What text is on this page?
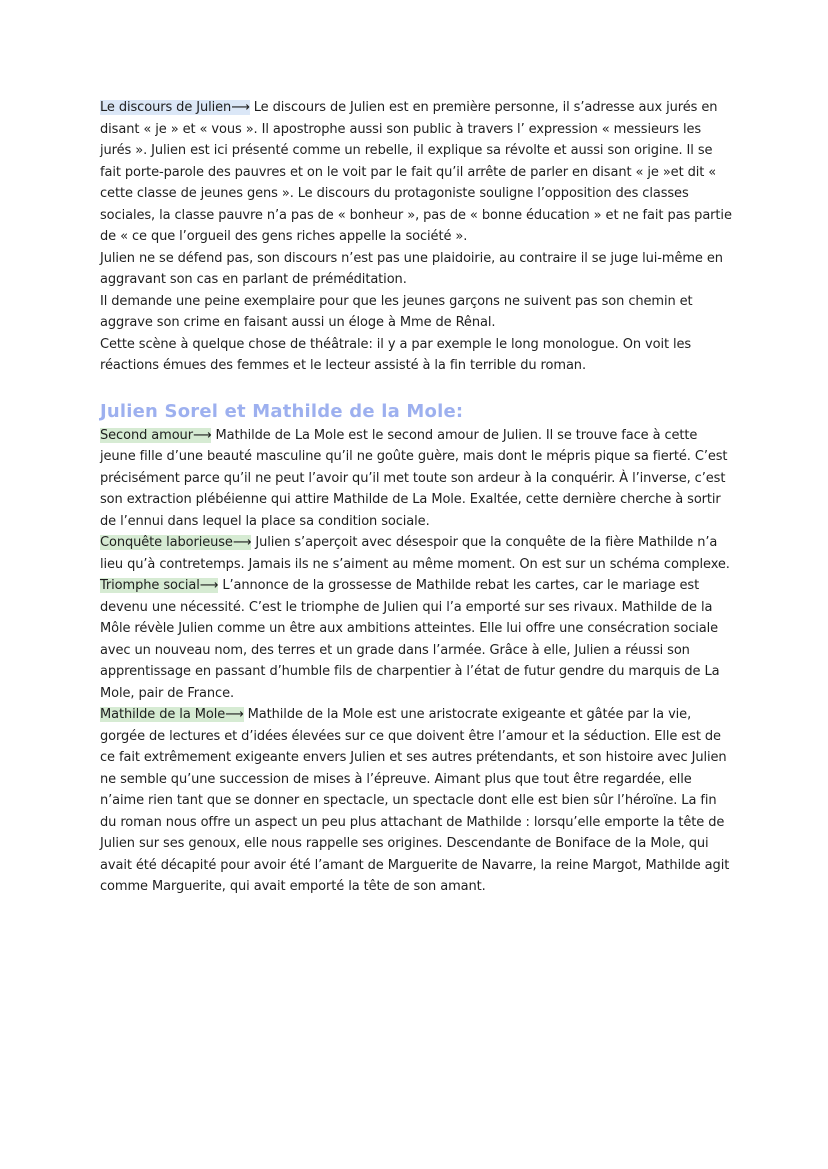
Le discours de Julien⟶ Le discours de Julien est en première personne, il s’adresse aux jurés en disant « je » et « vous ». Il apostrophe aussi son public à travers l’ expression « messieurs les jurés ». Julien est ici présenté comme un rebelle, il explique sa révolte et aussi son origine. Il se fait porte-parole des pauvres et on le voit par le fait qu’il arrête de parler en disant « je »et dit « cette classe de jeunes gens ». Le discours du protagoniste souligne l’opposition des classes sociales, la classe pauvre n’a pas de « bonheur », pas de « bonne éducation » et ne fait pas partie de « ce que l’orgueil des gens riches appelle la société ».

Julien ne se défend pas, son discours n’est pas une plaidoirie, au contraire il se juge lui-même en aggravant son cas en parlant de préméditation.

Il demande une peine exemplaire pour que les jeunes garçons ne suivent pas son chemin et aggrave son crime en faisant aussi un éloge à Mme de Rênal.

Cette scène à quelque chose de théâtrale: il y a par exemple le long monologue. On voit les réactions émues des femmes et le lecteur assisté à la fin terrible du roman.

Julien Sorel et Mathilde de la Mole:

Second amour⟶ Mathilde de La Mole est le second amour de Julien. Il se trouve face à cette jeune fille d’une beauté masculine qu’il ne goûte guère, mais dont le mépris pique sa fierté. C’est précisément parce qu’il ne peut l’avoir qu’il met toute son ardeur à la conquérir. À l’inverse, c’est son extraction plébéienne qui attire Mathilde de La Mole. Exaltée, cette dernière cherche à sortir de l’ennui dans lequel la place sa condition sociale.

Conquête laborieuse⟶ Julien s’aperçoit avec désespoir que la conquête de la fière Mathilde n’a lieu qu’à contretemps. Jamais ils ne s’aiment au même moment. On est sur un schéma complexe.

Triomphe social⟶ L’annonce de la grossesse de Mathilde rebat les cartes, car le mariage est devenu une nécessité. C’est le triomphe de Julien qui l’a emporté sur ses rivaux. Mathilde de la Môle révèle Julien comme un être aux ambitions atteintes. Elle lui offre une consécration sociale avec un nouveau nom, des terres et un grade dans l’armée. Grâce à elle, Julien a réussi son apprentissage en passant d’humble fils de charpentier à l’état de futur gendre du marquis de La Mole, pair de France.

Mathilde de la Mole⟶ Mathilde de la Mole est une aristocrate exigeante et gâtée par la vie, gorgée de lectures et d’idées élevées sur ce que doivent être l’amour et la séduction. Elle est de ce fait extrêmement exigeante envers Julien et ses autres prétendants, et son histoire avec Julien ne semble qu’une succession de mises à l’épreuve. Aimant plus que tout être regardée, elle n’aime rien tant que se donner en spectacle, un spectacle dont elle est bien sûr l’héroïne. La fin du roman nous offre un aspect un peu plus attachant de Mathilde : lorsqu’elle emporte la tête de Julien sur ses genoux, elle nous rappelle ses origines. Descendante de Boniface de la Mole, qui avait été décapité pour avoir été l’amant de Marguerite de Navarre, la reine Margot, Mathilde agit comme Marguerite, qui avait emporté la tête de son amant.
